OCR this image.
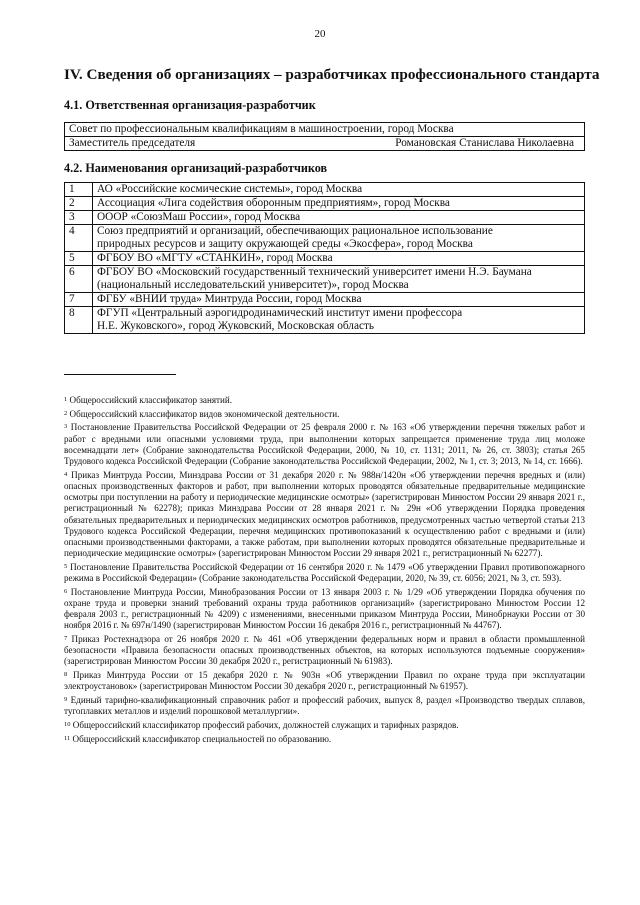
20
IV. Сведения об организациях – разработчиках профессионального стандарта
4.1. Ответственная организация-разработчик
Совет по профессиональным квалификациям в машиностроении, город Москва

Заместитель председателя	Романовская Станислава Николаевна
4.2. Наименования организаций-разработчиков
1	АО «Российские космические системы», город Москва

2	Ассоциация «Лига содействия оборонным предприятиям», город Москва

3	ОООР «СоюзМаш России», город Москва

4	Союз предприятий и организаций, обеспечивающих рациональное использование
природных ресурсов и защиту окружающей среды «Экосфера», город Москва

5	ФГБОУ ВО «МГТУ «СТАНКИН», город Москва

6	ФГБОУ ВО «Московский государственный технический университет имени Н.Э. Баумана
(национальный исследовательский университет)», город Москва

7	ФГБУ «ВНИИ труда» Минтруда России, город Москва

8	ФГУП «Центральный аэрогидродинамический институт имени профессора
Н.Е. Жуковского», город Жуковский, Московская область
$^1$ Общероссийский классификатор занятий.
$^2$ Общероссийский классификатор видов экономической деятельности.
$^3$ Постановление Правительства Российской Федерации от 25 февраля 2000 г. № 163 «Об утверждении перечня тяжелых работ и работ с вредными или опасными условиями труда, при выполнении которых запрещается применение труда лиц моложе восемнадцати лет» (Собрание законодательства Российской Федерации, 2000, № 10, ст. 1131; 2011, № 26, ст. 3803); статья 265 Трудового кодекса Российской Федерации (Собрание законодательства Российской Федерации, 2002, № 1, ст. 3; 2013, № 14, ст. 1666).
$^4$ Приказ Минтруда России, Минздрава России от 31 декабря 2020 г. № 988н/1420н «Об утверждении перечня вредных и (или) опасных производственных факторов и работ, при выполнении которых проводятся обязательные предварительные медицинские осмотры при поступлении на работу и периодические медицинские осмотры» (зарегистрирован Минюстом России 29 января 2021 г., регистрационный № 62278); приказ Минздрава России от 28 января 2021 г. № 29н «Об утверждении Порядка проведения обязательных предварительных и периодических медицинских осмотров работников, предусмотренных частью четвертой статьи 213 Трудового кодекса Российской Федерации, перечня медицинских противопоказаний к осуществлению работ с вредными и (или) опасными производственными факторами, а также работам, при выполнении которых проводятся обязательные предварительные и периодические медицинские осмотры» (зарегистрирован Минюстом России 29 января 2021 г., регистрационный № 62277).
$^5$ Постановление Правительства Российской Федерации от 16 сентября 2020 г. № 1479 «Об утверждении Правил противопожарного режима в Российской Федерации» (Собрание законодательства Российской Федерации, 2020, № 39, ст. 6056; 2021, № 3, ст. 593).
$^6$ Постановление Минтруда России, Минобразования России от 13 января 2003 г. № 1/29 «Об утверждении Порядка обучения по охране труда и проверки знаний требований охраны труда работников организаций» (зарегистрировано Минюстом России 12 февраля 2003 г., регистрационный № 4209) с изменениями, внесенными приказом Минтруда России, Минобрнауки России от 30 ноября 2016 г. № 697н/1490 (зарегистрирован Минюстом России 16 декабря 2016 г., регистрационный № 44767).
$^7$ Приказ Ростехнадзора от 26 ноября 2020 г. № 461 «Об утверждении федеральных норм и правил в области промышленной безопасности «Правила безопасности опасных производственных объектов, на которых используются подъемные сооружения» (зарегистрирован Минюстом России 30 декабря 2020 г., регистрационный № 61983).
$^8$ Приказ Минтруда России от 15 декабря 2020 г. № 903н «Об утверждении Правил по охране труда при эксплуатации электроустановок» (зарегистрирован Минюстом России 30 декабря 2020 г., регистрационный № 61957).
$^9$ Единый тарифно-квалификационный справочник работ и профессий рабочих, выпуск 8, раздел «Производство твердых сплавов, тугоплавких металлов и изделий порошковой металлургии».
$^{10}$ Общероссийский классификатор профессий рабочих, должностей служащих и тарифных разрядов.
$^{11}$ Общероссийский классификатор специальностей по образованию.
